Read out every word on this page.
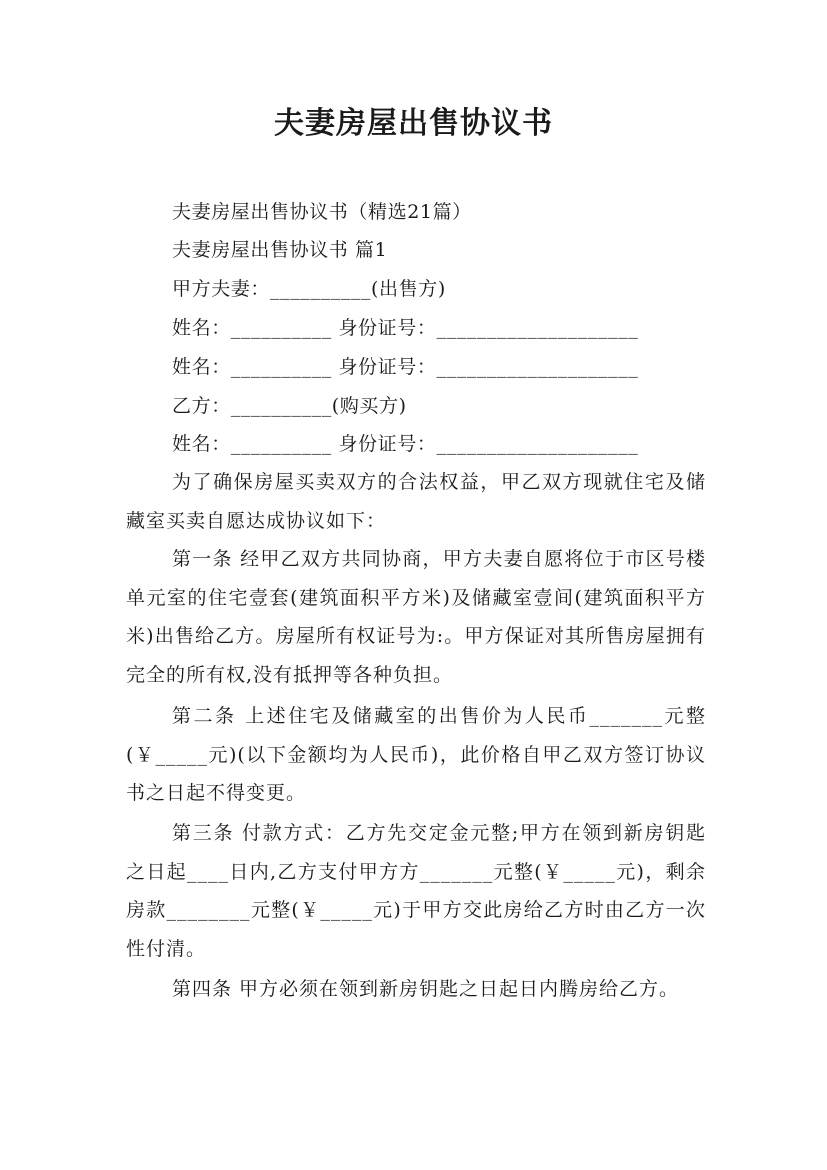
夫妻房屋出售协议书
夫妻房屋出售协议书（精选21篇）
夫妻房屋出售协议书 篇1
甲方夫妻：__________(出售方)
姓名：__________ 身份证号：____________________
姓名：__________ 身份证号：____________________
乙方：__________(购买方)
姓名：__________ 身份证号：____________________
为了确保房屋买卖双方的合法权益，甲乙双方现就住宅及储藏室买卖自愿达成协议如下：
第一条 经甲乙双方共同协商，甲方夫妻自愿将位于市区号楼单元室的住宅壹套(建筑面积平方米)及储藏室壹间(建筑面积平方米)出售给乙方。房屋所有权证号为:。甲方保证对其所售房屋拥有完全的所有权,没有抵押等各种负担。
第二条 上述住宅及储藏室的出售价为人民币_______元整(￥_____元)(以下金额均为人民币)，此价格自甲乙双方签订协议书之日起不得变更。
第三条 付款方式：乙方先交定金元整;甲方在领到新房钥匙之日起____日内,乙方支付甲方方_______元整(￥_____元)，剩余房款________元整(￥_____元)于甲方交此房给乙方时由乙方一次性付清。
第四条 甲方必须在领到新房钥匙之日起日内腾房给乙方。
